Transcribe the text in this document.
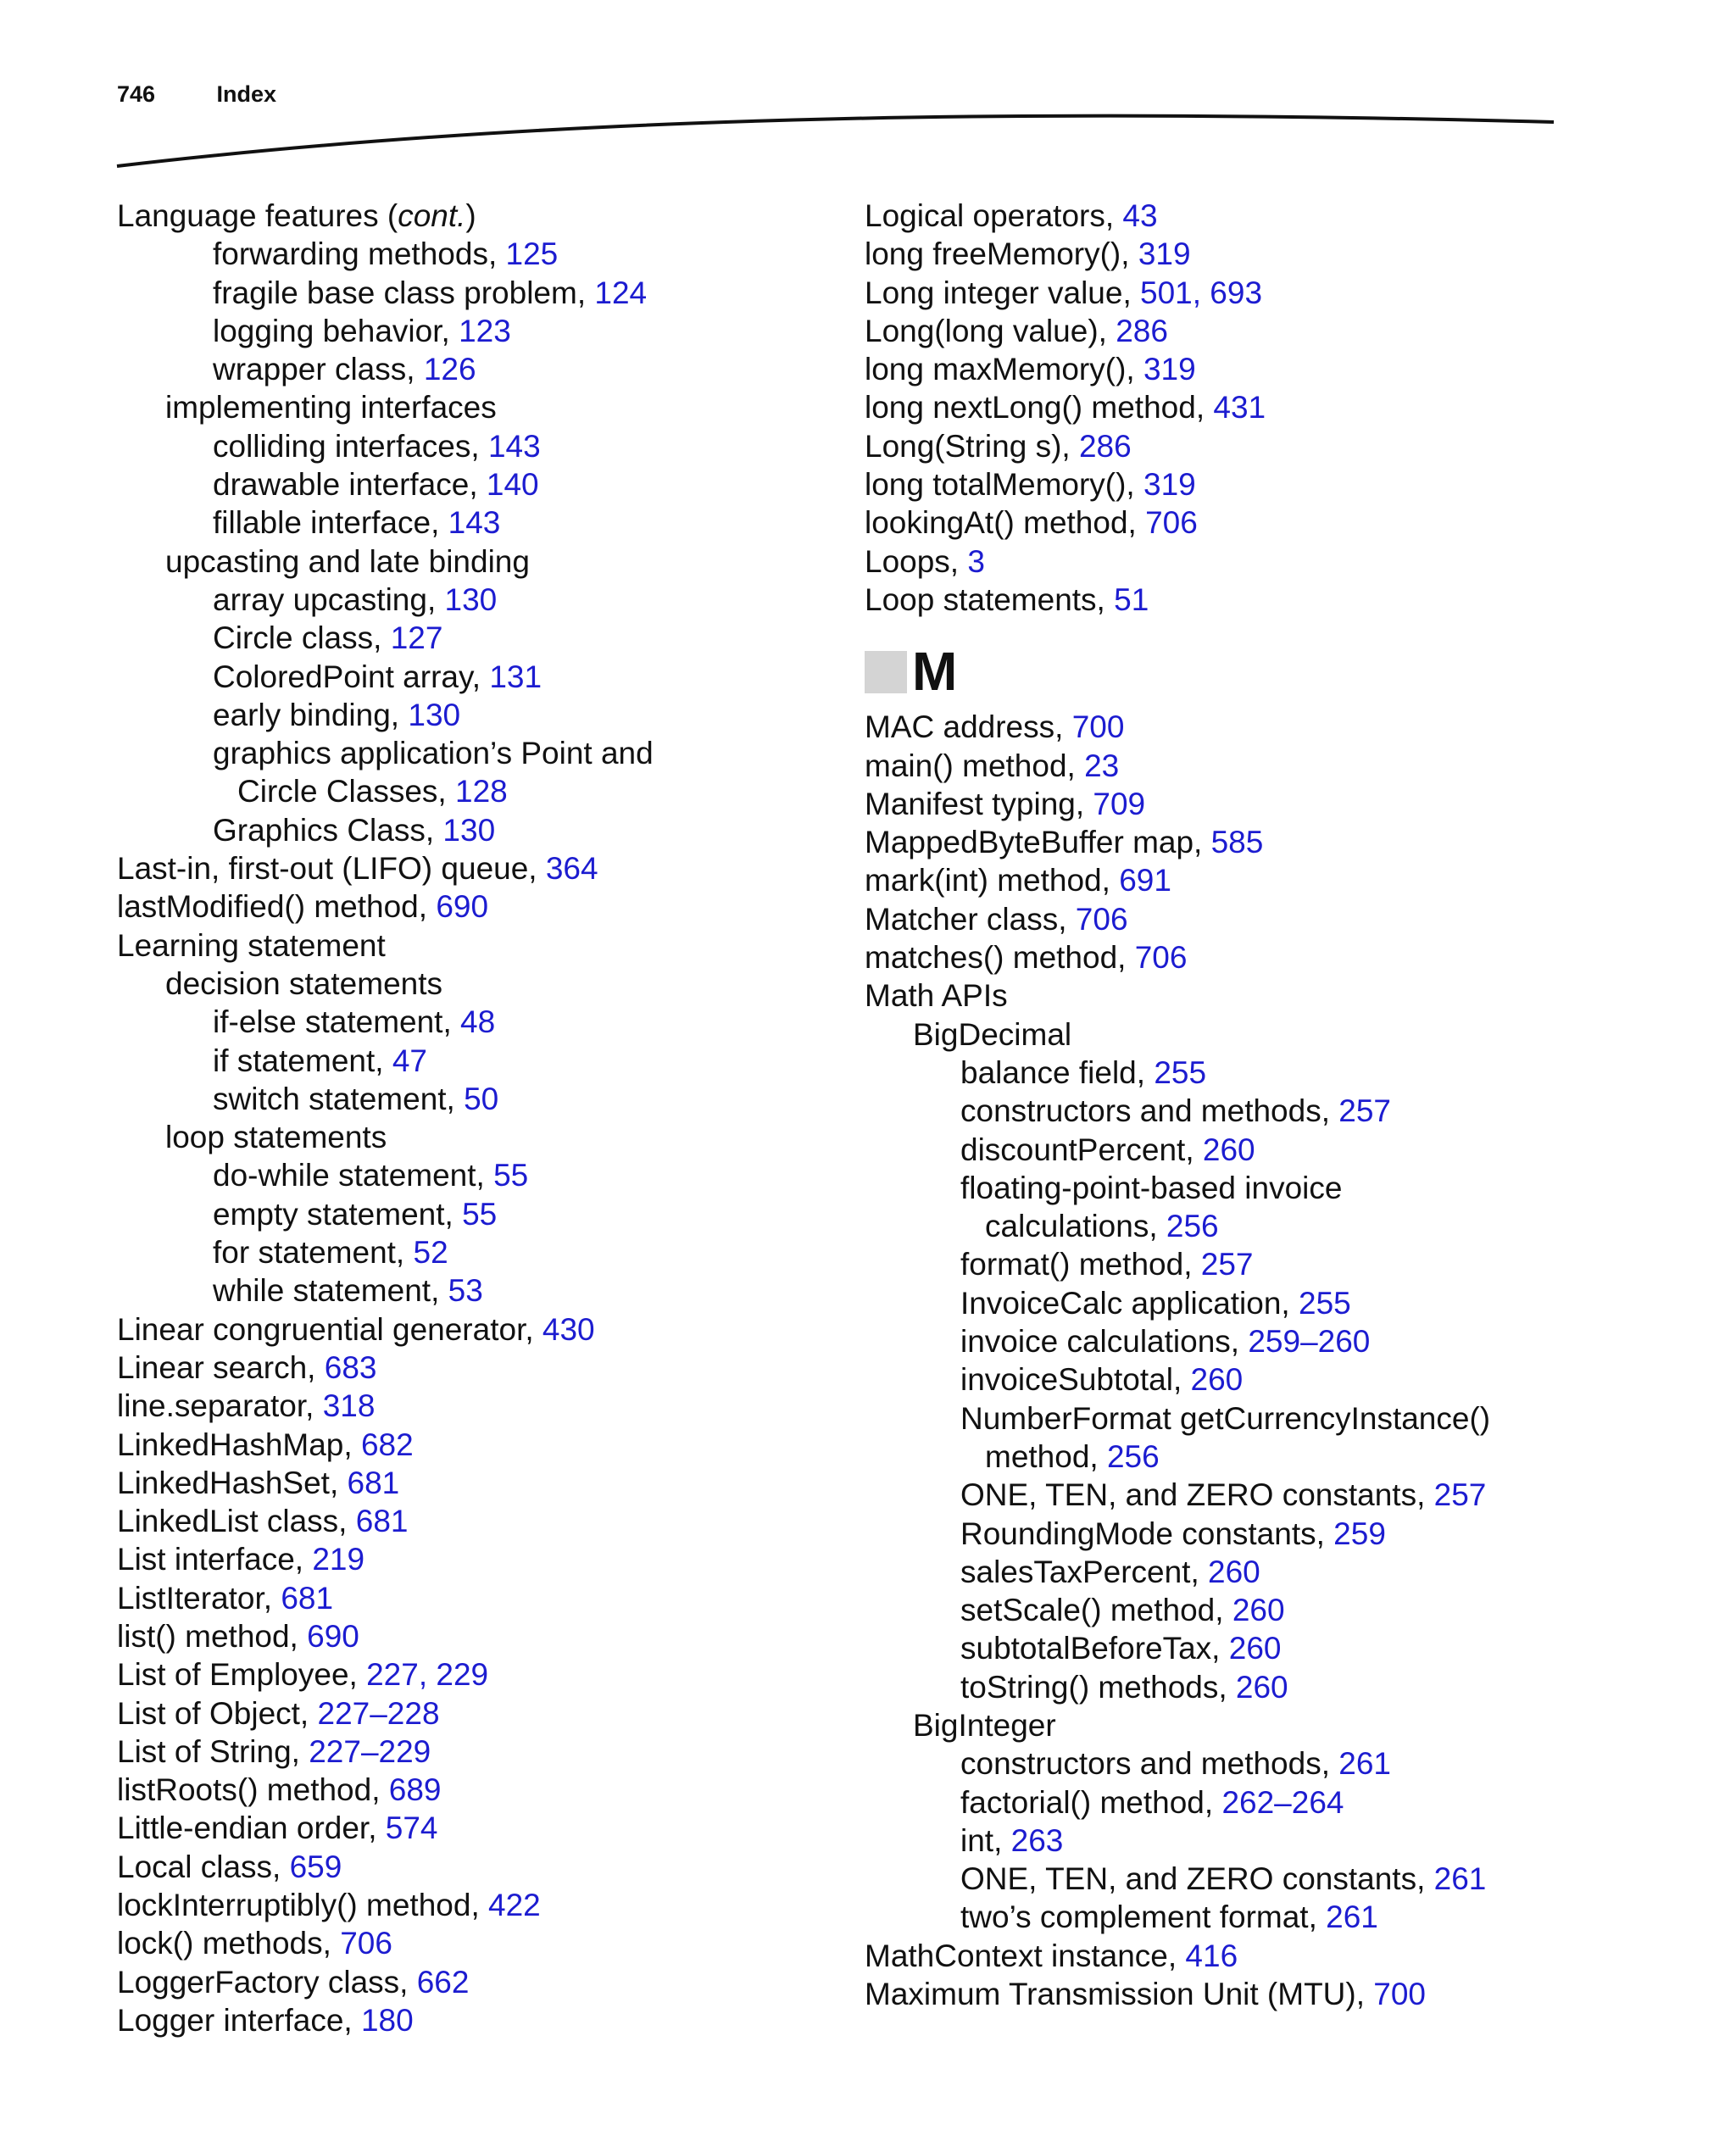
746	Index
Language features (cont.)
forwarding methods, 125
fragile base class problem, 124
logging behavior, 123
wrapper class, 126
implementing interfaces
colliding interfaces, 143
drawable interface, 140
fillable interface, 143
upcasting and late binding
array upcasting, 130
Circle class, 127
ColoredPoint array, 131
early binding, 130
graphics application’s Point and
Circle Classes, 128
Graphics Class, 130
Last-in, first-out (LIFO) queue, 364
lastModified() method, 690
Learning statement
decision statements
if-else statement, 48
if statement, 47
switch statement, 50
loop statements
do-while statement, 55
empty statement, 55
for statement, 52
while statement, 53
Linear congruential generator, 430
Linear search, 683
line.separator, 318
LinkedHashMap, 682
LinkedHashSet, 681
LinkedList class, 681
List interface, 219
ListIterator, 681
list() method, 690
List of Employee, 227, 229
List of Object, 227–228
List of String, 227–229
listRoots() method, 689
Little-endian order, 574
Local class, 659
lockInterruptibly() method, 422
lock() methods, 706
LoggerFactory class, 662
Logger interface, 180
Logical operators, 43
long freeMemory(), 319
Long integer value, 501, 693
Long(long value), 286
long maxMemory(), 319
long nextLong() method, 431
Long(String s), 286
long totalMemory(), 319
lookingAt() method, 706
Loops, 3
Loop statements, 51
M
MAC address, 700
main() method, 23
Manifest typing, 709
MappedByteBuffer map, 585
mark(int) method, 691
Matcher class, 706
matches() method, 706
Math APIs
BigDecimal
balance field, 255
constructors and methods, 257
discountPercent, 260
floating-point-based invoice
calculations, 256
format() method, 257
InvoiceCalc application, 255
invoice calculations, 259–260
invoiceSubtotal, 260
NumberFormat getCurrencyInstance()
method, 256
ONE, TEN, and ZERO constants, 257
RoundingMode constants, 259
salesTaxPercent, 260
setScale() method, 260
subtotalBeforeTax, 260
toString() methods, 260
BigInteger
constructors and methods, 261
factorial() method, 262–264
int, 263
ONE, TEN, and ZERO constants, 261
two’s complement format, 261
MathContext instance, 416
Maximum Transmission Unit (MTU), 700
